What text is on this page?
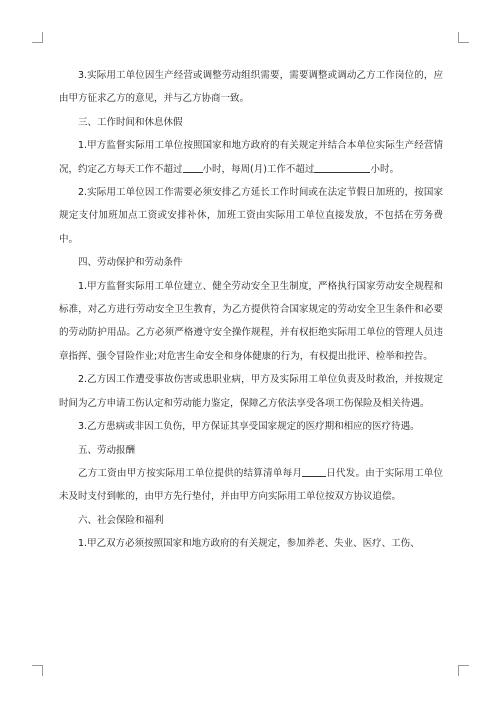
3.实际用工单位因生产经营或调整劳动组织需要，需要调整或调动乙方工作岗位的，应由甲方征求乙方的意见，并与乙方协商一致。

三、工作时间和休息休假

1.甲方监督实际用工单位按照国家和地方政府的有关规定并结合本单位实际生产经营情况，约定乙方每天工作不超过 小时，每周(月)工作不超过	小时。

2.实际用工单位因工作需要必须安排乙方延长工作时间或在法定节假日加班的，按国家规定支付加班加点工资或安排补休，加班工资由实际用工单位直接发放，不包括在劳务费中。

四、劳动保护和劳动条件

1.甲方监督实际用工单位建立、健全劳动安全卫生制度，严格执行国家劳动安全规程和标准，对乙方进行劳动安全卫生教育，为乙方提供符合国家规定的劳动安全卫生条件和必要的劳动防护用品。乙方必须严格遵守安全操作规程，并有权拒绝实际用工单位的管理人员违章指挥、强令冒险作业;对危害生命安全和身体健康的行为，有权提出批评、检举和控告。

2.乙方因工作遭受事故伤害或患职业病，甲方及实际用工单位负责及时救治，并按规定时间为乙方申请工伤认定和劳动能力鉴定，保障乙方依法享受各项工伤保险及相关待遇。

3.乙方患病或非因工负伤，甲方保证其享受国家规定的医疗期和相应的医疗待遇。

五、劳动报酬

乙方工资由甲方按实际用工单位提供的结算清单每月	日代发。由于实际用工单位未及时支付到帐的，由甲方先行垫付，并由甲方向实际用工单位按双方协议追偿。

六、社会保险和福利

1.甲乙双方必须按照国家和地方政府的有关规定，参加养老、失业、医疗、工伤、
